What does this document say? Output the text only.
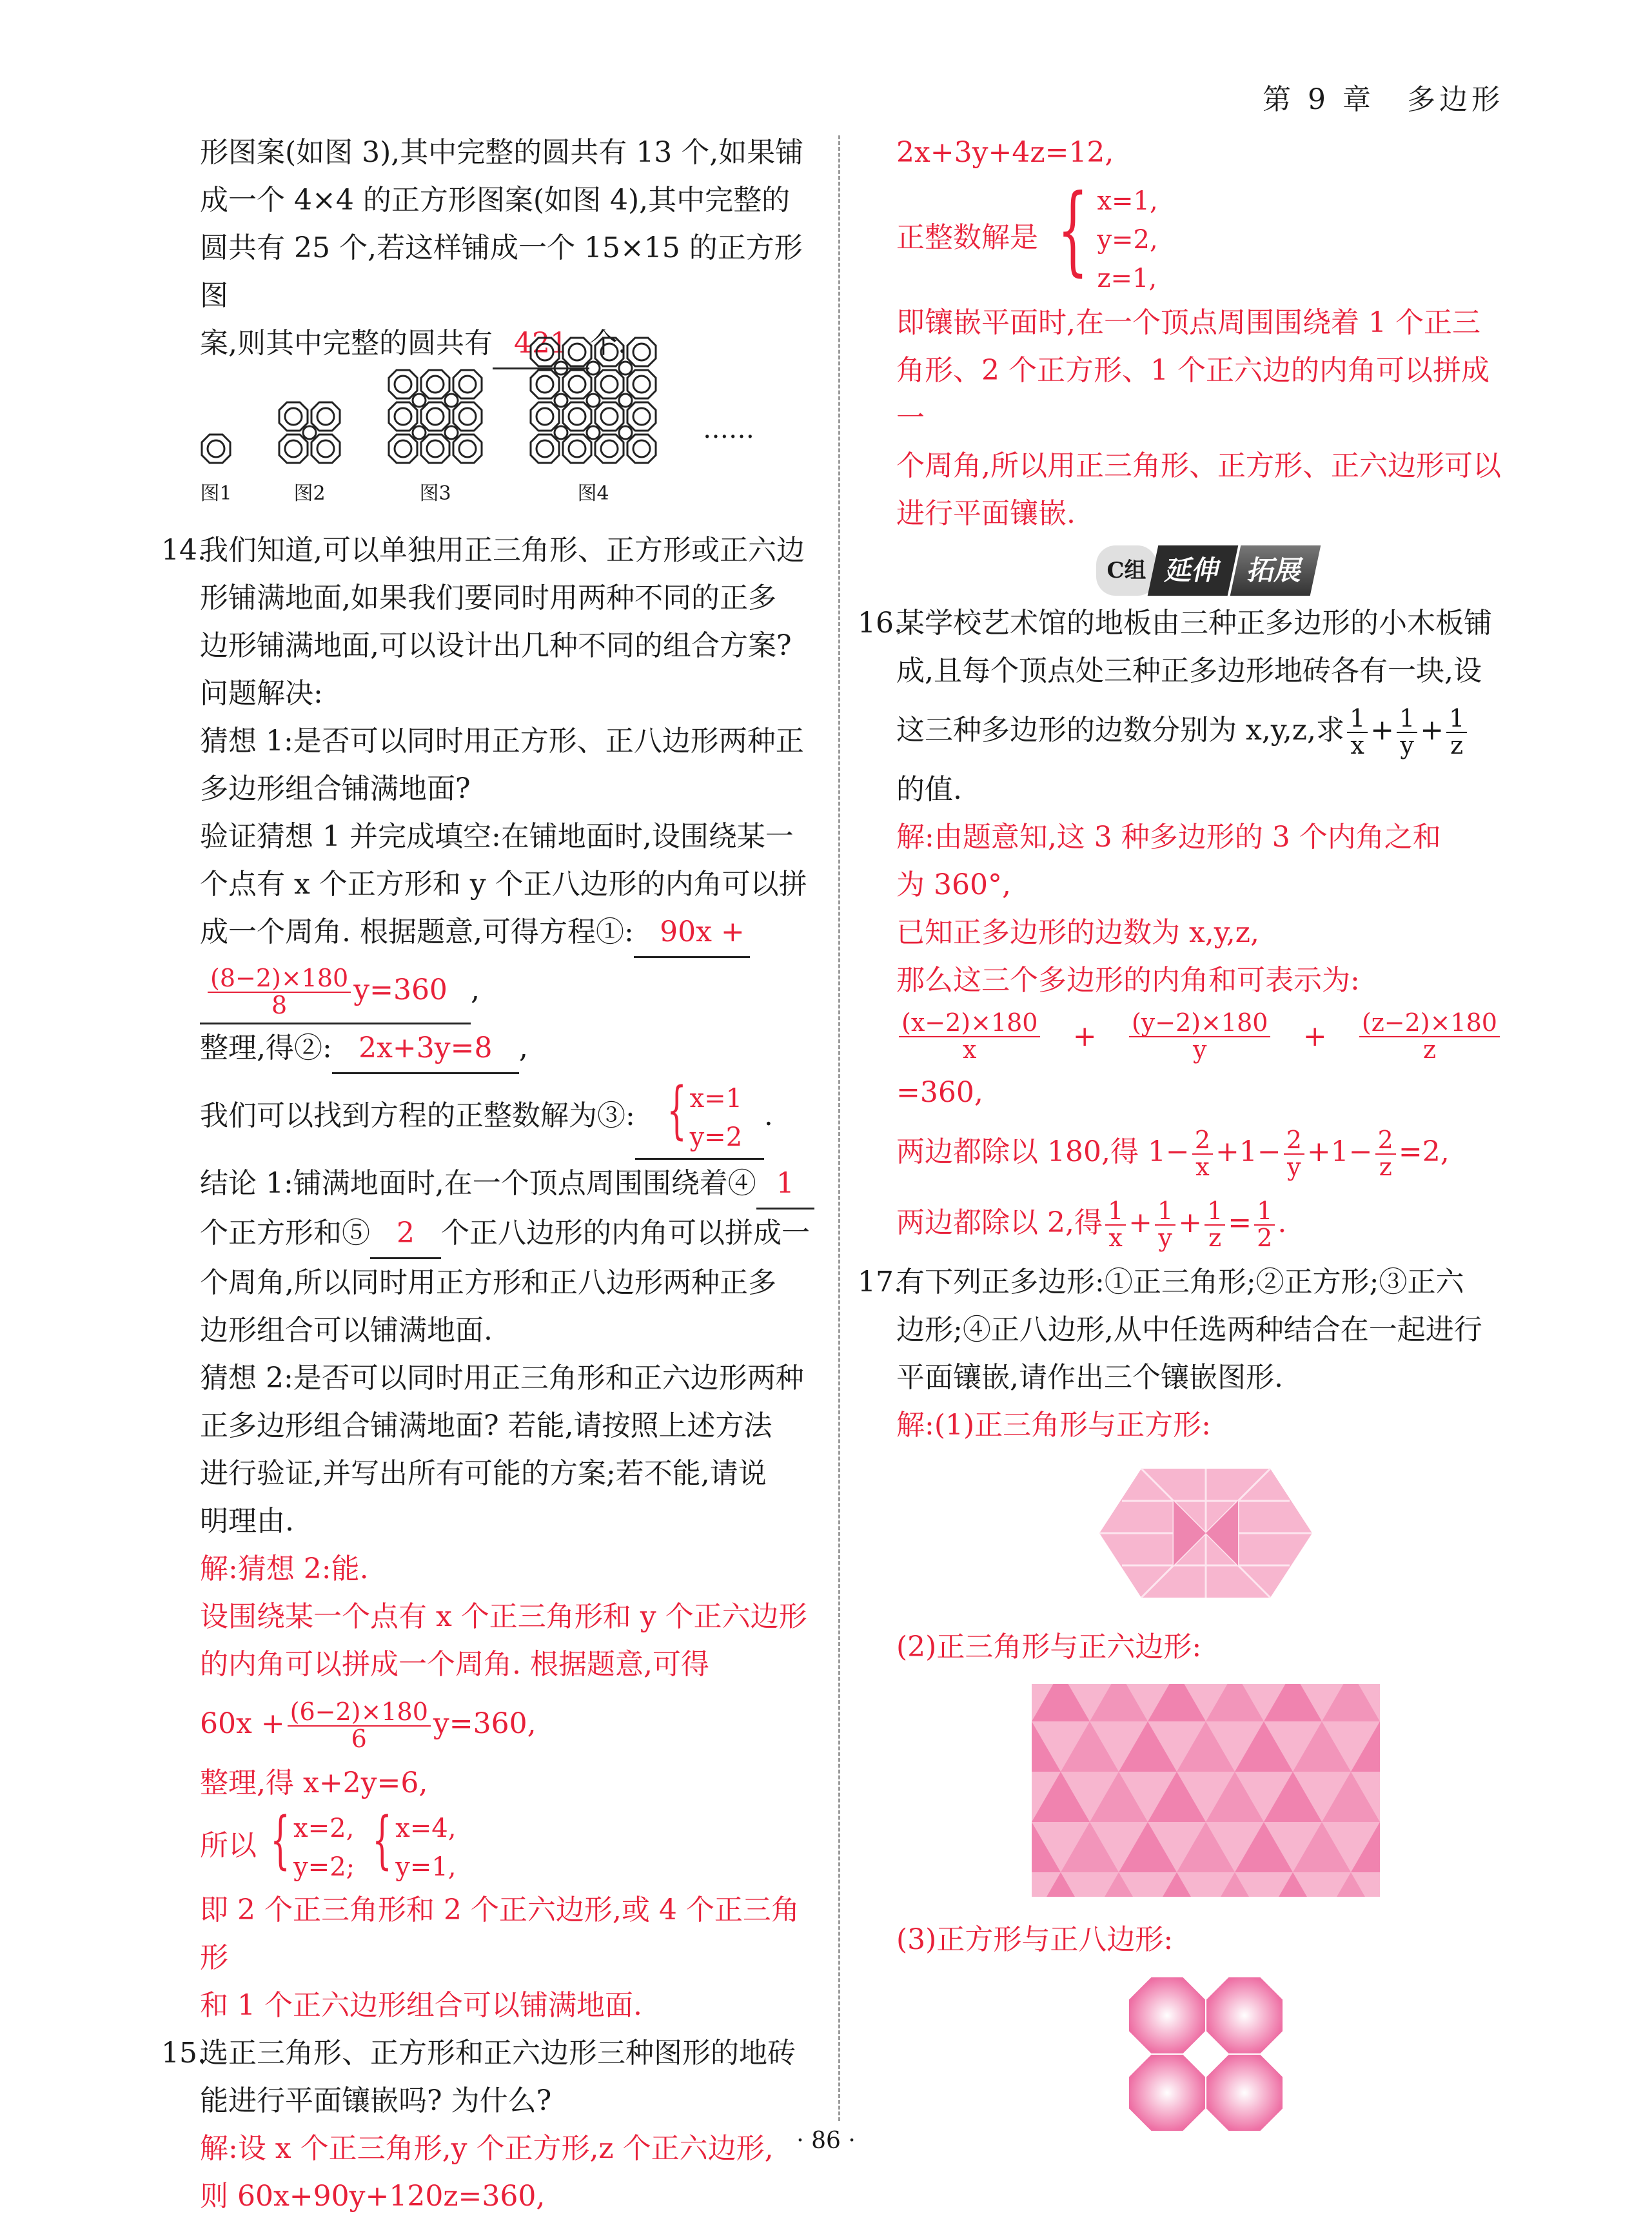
第 9 章 多边形

形图案(如图 3),其中完整的圆共有 13 个,如果铺

成一个 4×4 的正方形图案(如图 4),其中完整的

圆共有 25 个,若这样铺成一个 15×15 的正方形图

案,则其中完整的圆共有 421 个.

图1	图2	图3	图4
……

14.我们知道,可以单独用正三角形、正方形或正六边

形铺满地面,如果我们要同时用两种不同的正多

边形铺满地面,可以设计出几种不同的组合方案?

问题解决:

猜想 1:是否可以同时用正方形、正八边形两种正

多边形组合铺满地面?

验证猜想 1 并完成填空:在铺地面时,设围绕某一

个点有 x 个正方形和 y 个正八边形的内角可以拼

成一个周角. 根据题意,可得方程①: 90x +

$\frac{(8-2)\times 180}{8} y=360$ ,

整理,得②: 2x+3y=8 ,

我们可以找到方程的正整数解为③: { x=1
y=2
.

结论 1:铺满地面时,在一个顶点周围围绕着④ 1

个正方形和⑤ 2 个正八边形的内角可以拼成一

个周角,所以同时用正方形和正八边形两种正多

边形组合可以铺满地面.

猜想 2:是否可以同时用正三角形和正六边形两种

正多边形组合铺满地面? 若能,请按照上述方法

进行验证,并写出所有可能的方案;若不能,请说

明理由.

解:猜想 2:能.

设围绕某一个点有 x 个正三角形和 y 个正六边形

的内角可以拼成一个周角. 根据题意,可得

$60x + \frac{(6-2)\times 180}{6} y=360$,

整理,得 x+2y=6,

所以 { x=2,
y=2; { x=4,
y=1,

即 2 个正三角形和 2 个正六边形,或 4 个正三角形

和 1 个正六边形组合可以铺满地面.

15.选正三角形、正方形和正六边形三种图形的地砖

能进行平面镶嵌吗? 为什么?

解:设 x 个正三角形,y 个正方形,z 个正六边形,

则 60x+90y+120z=360,

2x+3y+4z=12,

正整数解是 { x=1,
y=2,
z=1,

即镶嵌平面时,在一个顶点周围围绕着 1 个正三

角形、2 个正方形、1 个正六边的内角可以拼成一

个周角,所以用正三角形、正方形、正六边形可以

进行平面镶嵌.

C组 延伸 拓展

16.某学校艺术馆的地板由三种正多边形的小木板铺

成,且每个顶点处三种正多边形地砖各有一块,设

这三种多边形的边数分别为 x,y,z,求 $\frac{1}{x} + \frac{1}{y} + \frac{1}{z}$

的值.

解:由题意知,这 3 种多边形的 3 个内角之和

为 360°,

已知正多边形的边数为 x,y,z,

那么这三个多边形的内角和可表示为:

$\frac{(x-2)\times 180}{x} + \frac{(y-2)\times 180}{y} + \frac{(z-2)\times 180}{z}$

=360,

两边都除以 180,得 $1- \frac{2}{x} +1- \frac{2}{y} +1- \frac{2}{z} =2$,

两边都除以 2,得 $\frac{1}{x} + \frac{1}{y} + \frac{1}{z} = \frac{1}{2}$ .

17.有下列正多边形:①正三角形;②正方形;③正六

边形;④正八边形,从中任选两种结合在一起进行

平面镶嵌,请作出三个镶嵌图形.

解:(1)正三角形与正方形:

(2)正三角形与正六边形:

(3)正方形与正八边形:

· 86 ·
